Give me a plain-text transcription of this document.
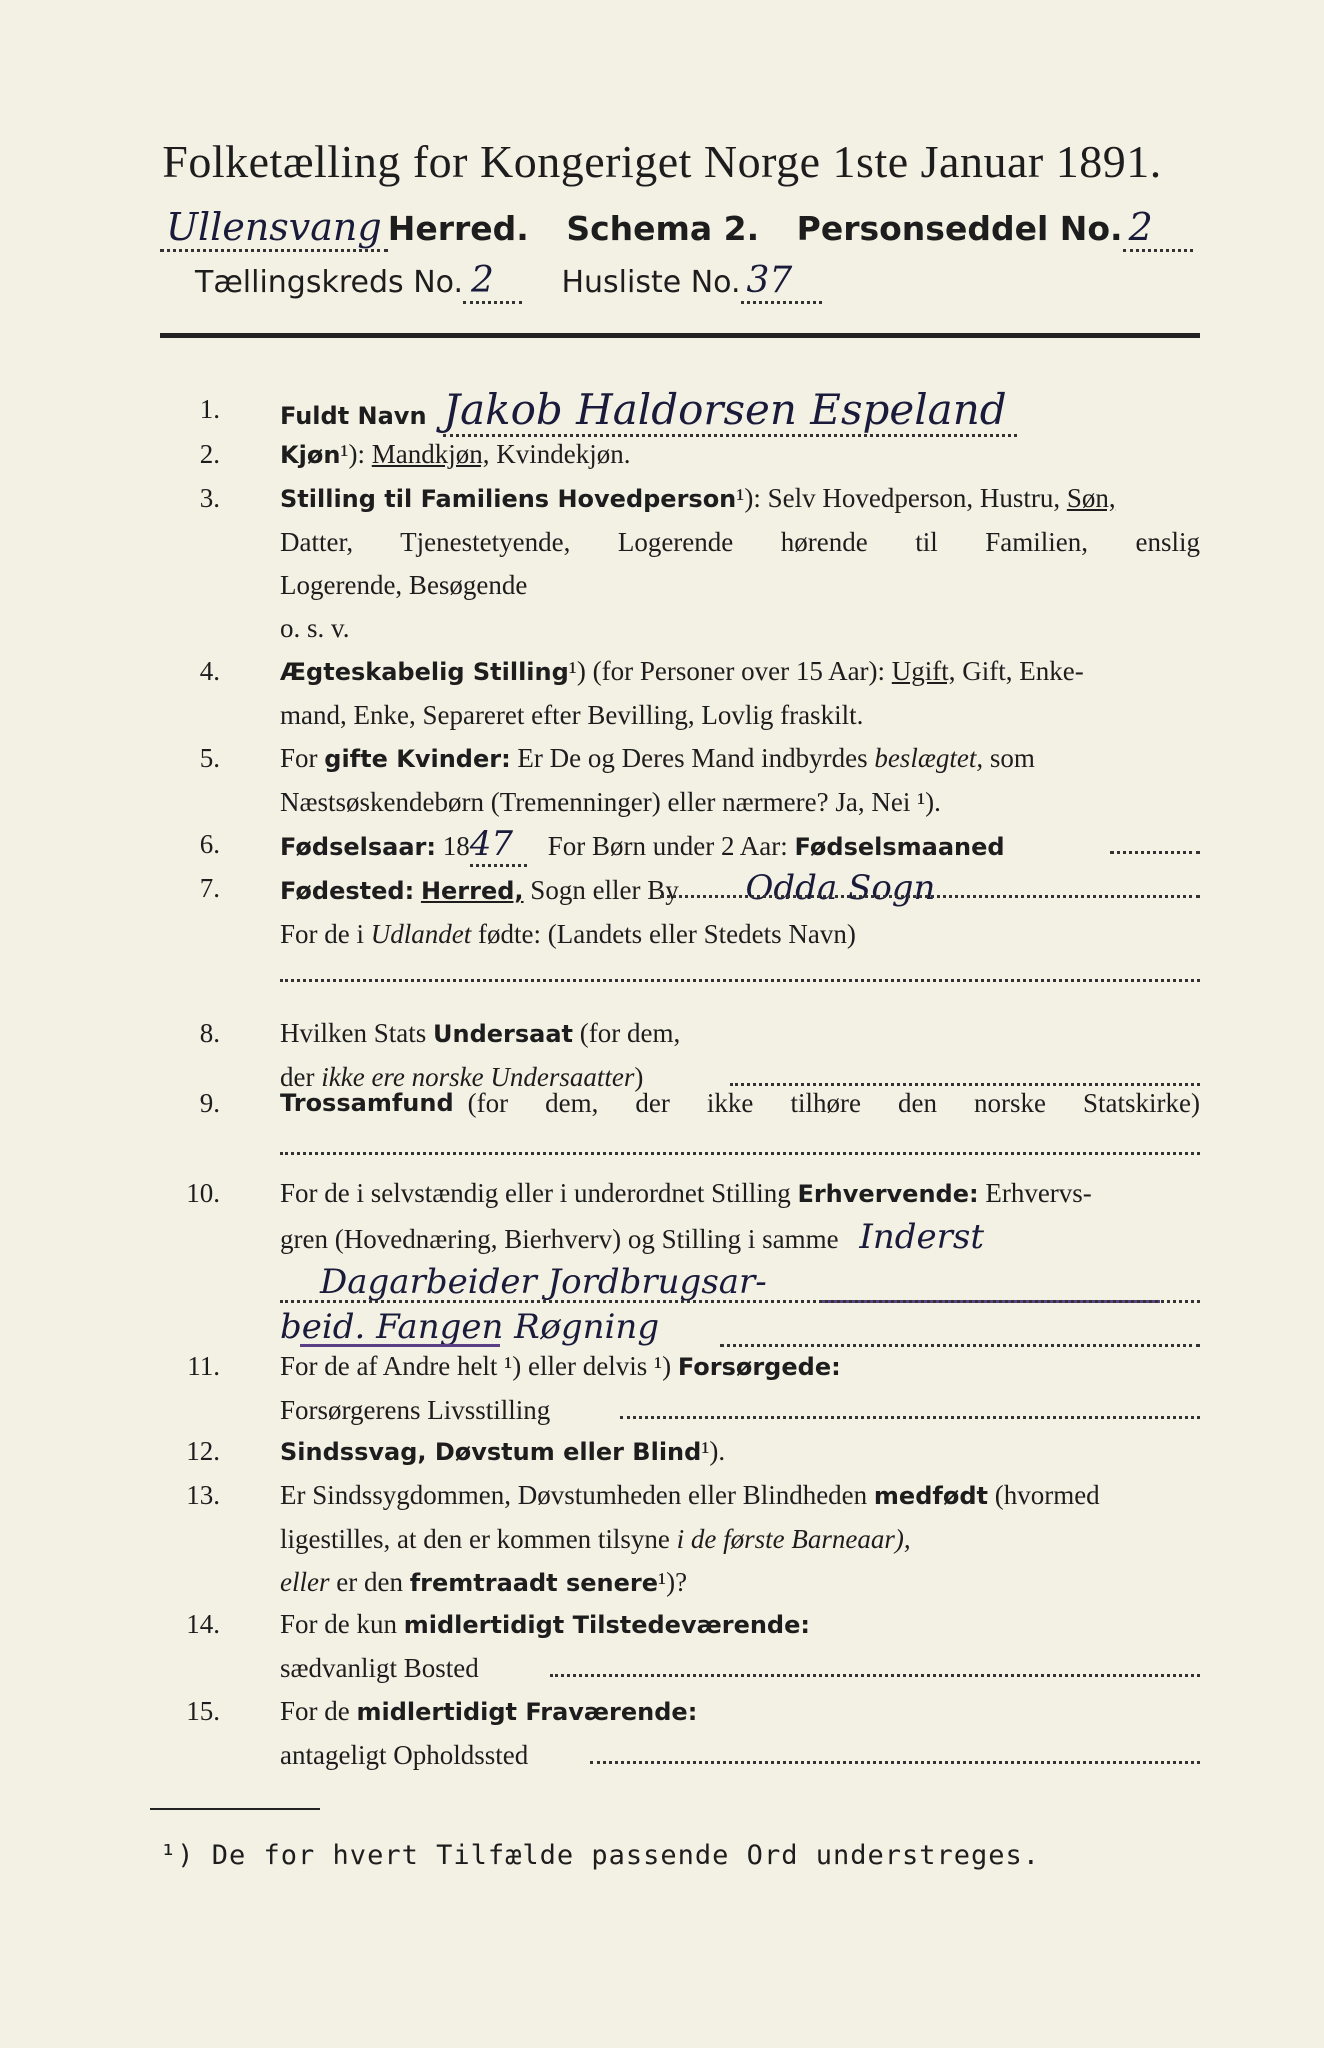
Folketælling for Kongeriget Norge 1ste Januar 1891.
Ullensvang Herred. Schema 2. Personseddel No. 2
Tællingskreds No. 2 Husliste No. 37
1.	Fuldt Navn Jakob Haldorsen Espeland
2.	Kjøn¹): Mandkjøn, Kvindekjøn.
3.	Stilling til Familiens Hovedperson¹): Selv Hovedperson, Hustru, Søn,
Datter, Tjenestetyende, Logerende hørende til Familien, enslig
Logerende, Besøgende
o. s. v.
4.	Ægteskabelig Stilling¹) (for Personer over 15 Aar): Ugift, Gift, Enke-
mand, Enke, Separeret efter Bevilling, Lovlig fraskilt.
5. For gifte Kvinder: Er De og Deres Mand indbyrdes beslægtet, som
Næstsøskendebørn (Tremenninger) eller nærmere? Ja, Nei ¹).
6.	Fødselsaar: 1847 For Børn under 2 Aar: Fødselsmaaned
7.	Fødested: Herred, Sogn eller By Odda Sogn
For de i Udlandet fødte: (Landets eller Stedets Navn)
8. Hvilken Stats Undersaat (for dem,
der ikke ere norske Undersaatter)
9.	Trossamfund (for dem, der ikke tilhøre den norske Statskirke)
10. For de i selvstændig eller i underordnet Stilling Erhvervende: Erhvervs-
gren (Hovednæring, Bierhverv) og Stilling i samme Inderst
Dagarbeider Jordbrugsar-
beid. Fangen Røgning
11. For de af Andre helt ¹) eller delvis ¹) Forsørgede:
Forsørgerens Livsstilling
12.	Sindssvag, Døvstum eller Blind¹).
13. Er Sindssygdommen, Døvstumheden eller Blindheden medfødt (hvormed
ligestilles, at den er kommen tilsyne i de første Barneaar),
eller er den fremtraadt senere¹)?
14. For de kun midlertidigt Tilstedeværende:
sædvanligt Bosted
15. For de midlertidigt Fraværende:
antageligt Opholdssted
¹) De for hvert Tilfælde passende Ord understreges.
